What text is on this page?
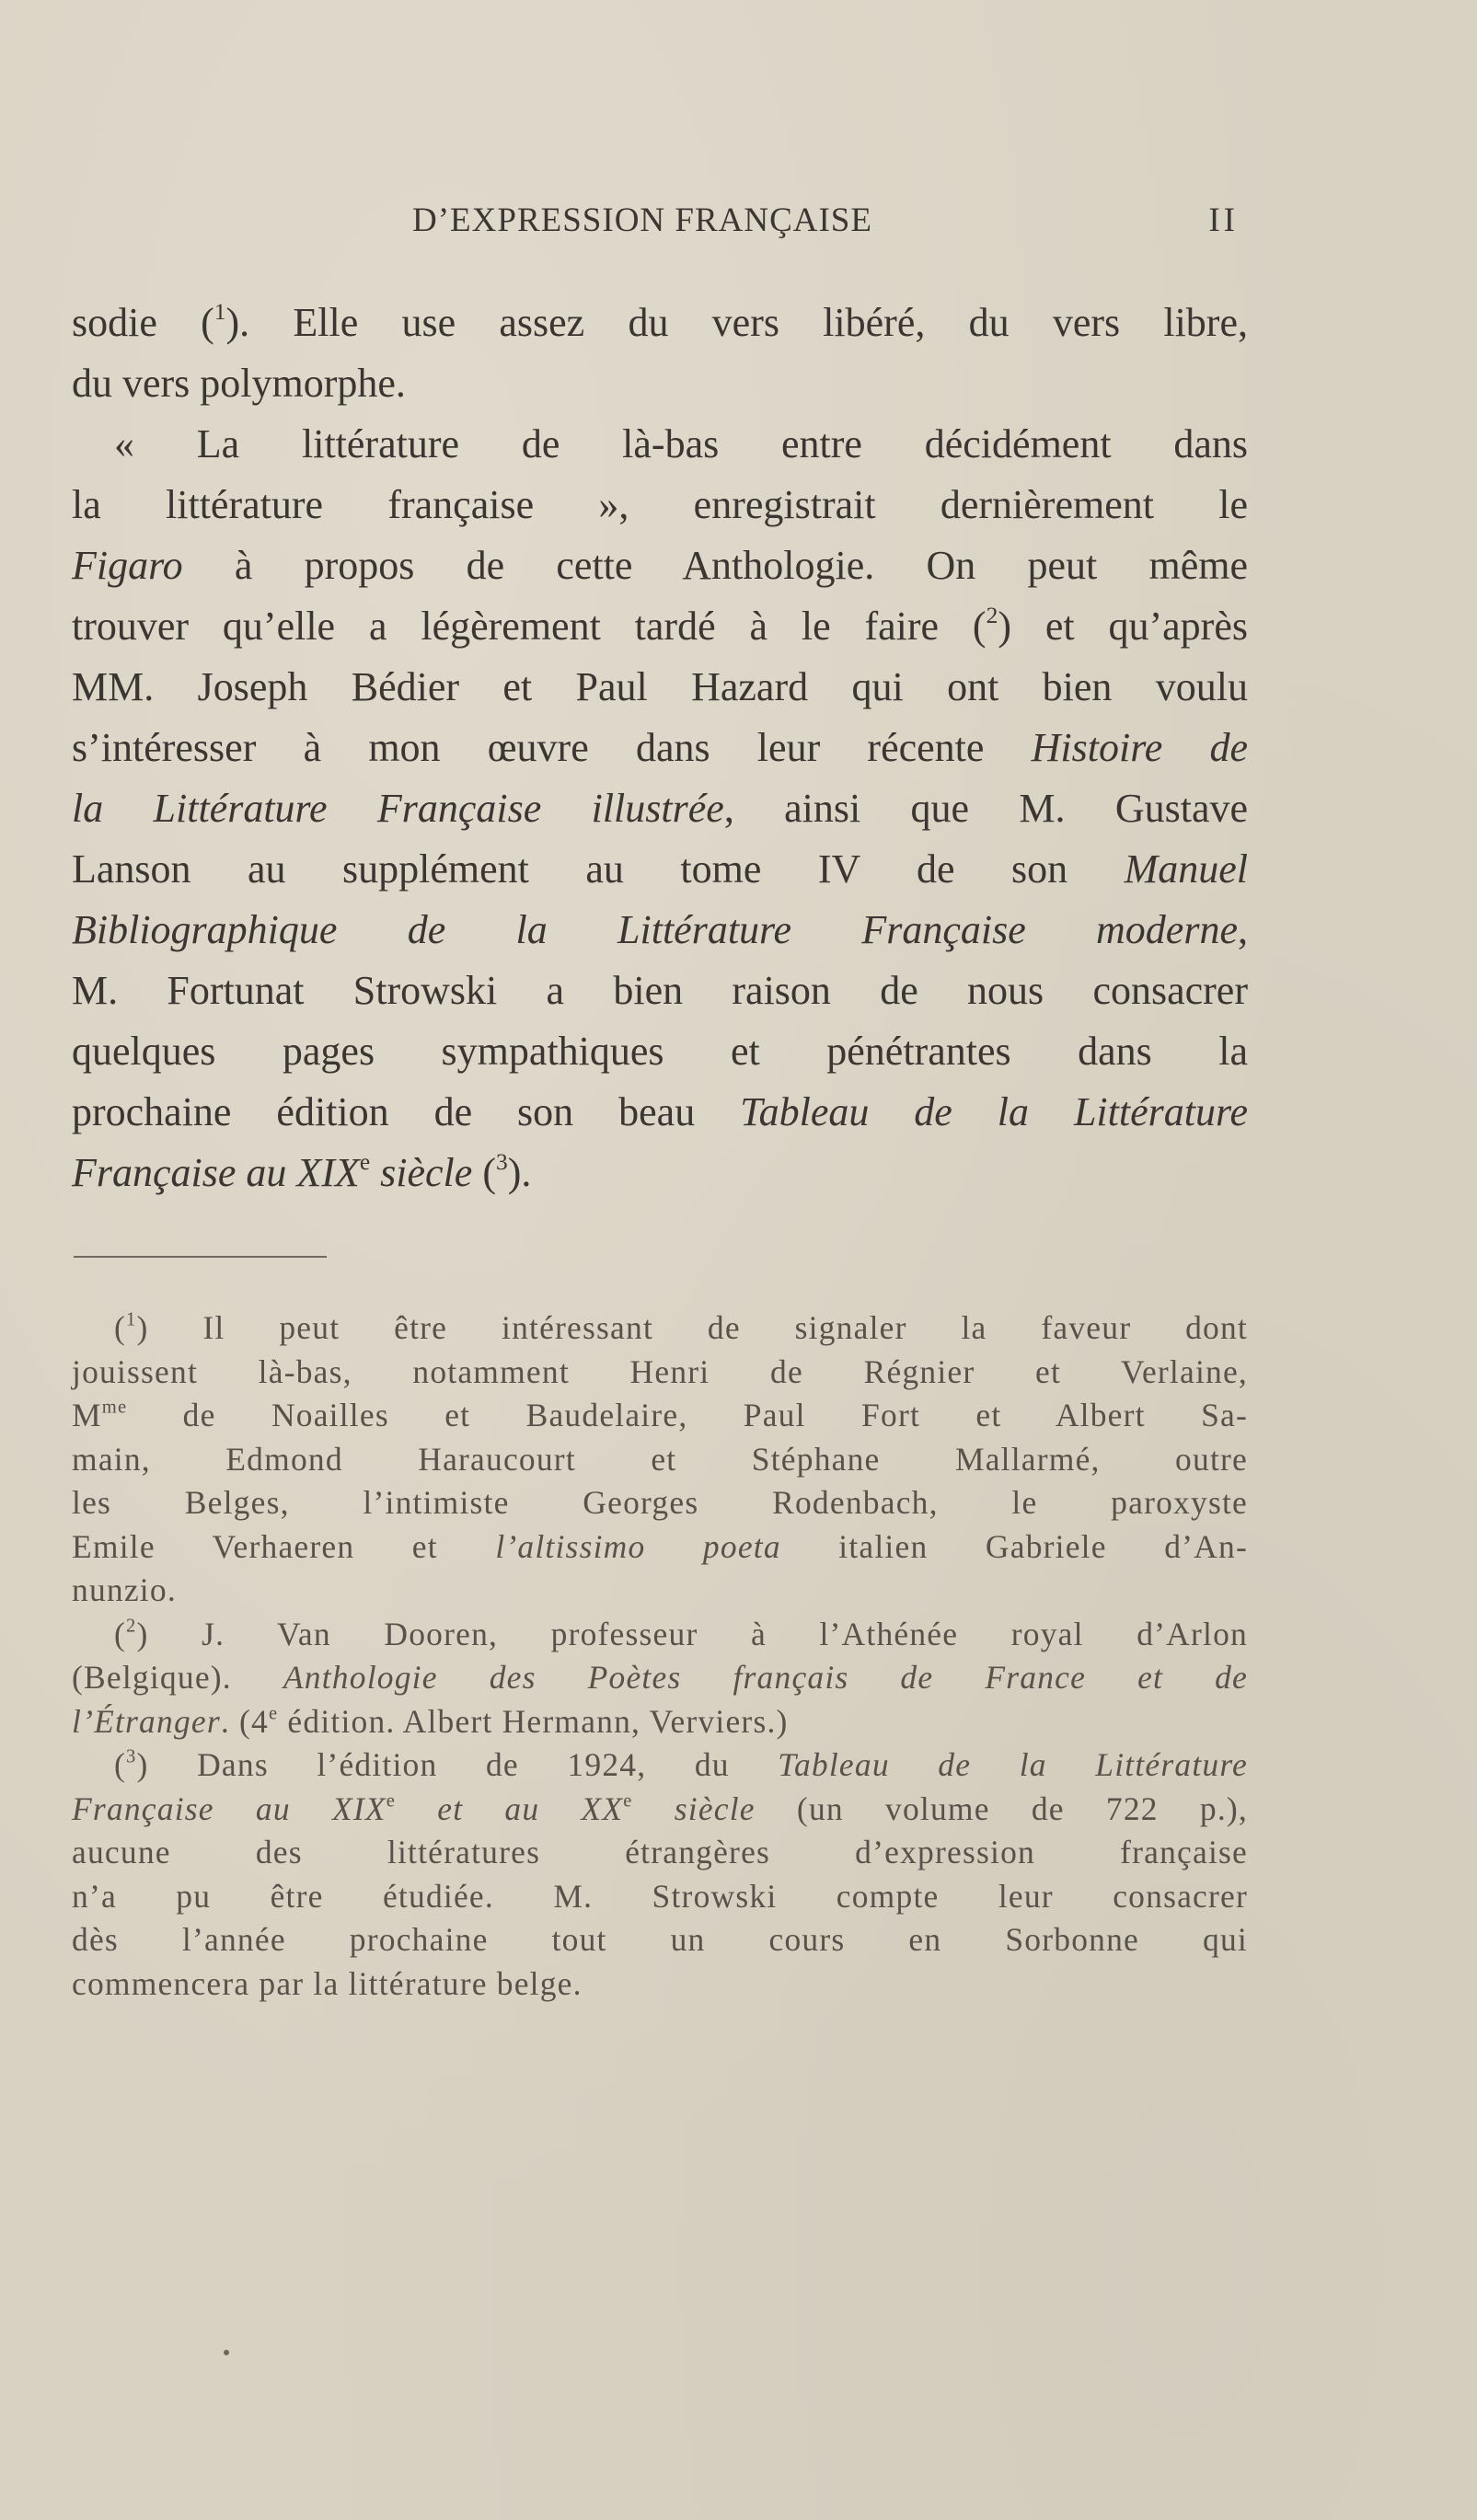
D’EXPRESSION FRANÇAISE	II
sodie ($^1$). Elle use assez du vers libéré, du vers libre,
du vers polymorphe.
« La littérature de là-bas entre décidément dans
la littérature française », enregistrait dernièrement le
Figaro à propos de cette Anthologie. On peut même
trouver qu’elle a légèrement tardé à le faire ($^2$) et qu’après
MM. Joseph Bédier et Paul Hazard qui ont bien voulu
s’intéresser à mon œuvre dans leur récente Histoire de
la Littérature Française illustrée, ainsi que M. Gustave
Lanson au supplément au tome IV de son Manuel
Bibliographique de la Littérature Française moderne,
M. Fortunat Strowski a bien raison de nous consacrer
quelques pages sympathiques et pénétrantes dans la
prochaine édition de son beau Tableau de la Littérature
Française au XIXe siècle ($^3$).
($^1$) Il peut être intéressant de signaler la faveur dont
jouissent là-bas, notamment Henri de Régnier et Verlaine,
$M^{me}$ de Noailles et Baudelaire, Paul Fort et Albert Sa-
main, Edmond Haraucourt et Stéphane Mallarmé, outre
les Belges, l’intimiste Georges Rodenbach, le paroxyste
Emile Verhaeren et l’altissimo poeta italien Gabriele d’An-
nunzio.
($^2$) J. Van Dooren, professeur à l’Athénée royal d’Arlon
(Belgique). Anthologie des Poètes français de France et de
l’Étranger. (4e édition. Albert Hermann, Verviers.)
($^3$) Dans l’édition de 1924, du Tableau de la Littérature
Française au XIXe et au XXe siècle (un volume de 722 p.),
aucune des littératures étrangères d’expression française
n’a pu être étudiée. M. Strowski compte leur consacrer
dès l’année prochaine tout un cours en Sorbonne qui
commencera par la littérature belge.
